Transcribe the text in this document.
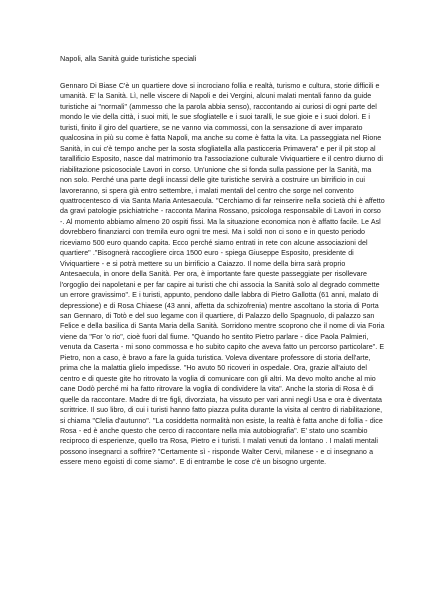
Napoli, alla Sanità guide turistiche speciali

Gennaro Di Biase C'è un quartiere dove si incrociano follia e realtà, turismo e cultura, storie difficili e umanità. E' la Sanità. Lì, nelle viscere di Napoli e dei Vergini, alcuni malati mentali fanno da guide turistiche ai "normali" (ammesso che la parola abbia senso), raccontando ai curiosi di ogni parte del mondo le vie della città, i suoi miti, le sue sfogliatelle e i suoi taralli, le sue gioie e i suoi dolori. E i turisti, finito il giro del quartiere, se ne vanno via commossi, con la sensazione di aver imparato qualcosina in più su come è fatta Napoli, ma anche su come è fatta la vita. La passeggiata nel Rione Sanità, in cui c'è tempo anche per la sosta sfogliatella alla pasticceria Primavera" e per il pit stop al tarallificio Esposito, nasce dal matrimonio tra l'associazione culturale Viviquartiere e il centro diurno di riabilitazione psicosociale Lavori in corso. Un'unione che si fonda sulla passione per la Sanità, ma non solo. Perché una parte degli incassi delle gite turistiche servirà a costruire un birrificio in cui lavoreranno, si spera già entro settembre, i malati mentali del centro che sorge nel convento quattrocentesco di via Santa Maria Antesaecula. "Cerchiamo di far reinserire nella società chi è affetto da gravi patologie psichiatriche - racconta Marina Rossano, psicologa responsabile di Lavori in corso -. Al momento abbiamo almeno 20 ospiti fissi. Ma la situazione economica non è affatto facile. Le Asl dovrebbero finanziarci con tremila euro ogni tre mesi. Ma i soldi non ci sono e in questo periodo riceviamo 500 euro quando capita. Ecco perché siamo entrati in rete con alcune associazioni del quartiere" ."Bisognerà raccogliere circa 1500 euro - spiega Giuseppe Esposito, presidente di Viviquartiere - e si potrà mettere su un birrificio a Caiazzo. Il nome della birra sarà proprio Antesaecula, in onore della Sanità. Per ora, è importante fare queste passeggiate per risollevare l'orgoglio dei napoletani e per far capire ai turisti che chi associa la Sanità solo al degrado commette un errore gravissimo". E i turisti, appunto, pendono dalle labbra di Pietro Gallotta (61 anni, malato di depressione) e di Rosa Chiaese (43 anni, affetta da schizofrenia) mentre ascoltano la storia di Porta san Gennaro, di Totò e del suo legame con il quartiere, di Palazzo dello Spagnuolo, di palazzo san Felice e della basilica di Santa Maria della Sanità. Sorridono mentre scoprono che il nome di via Foria viene da "For 'o rio", cioè fuori dal fiume. "Quando ho sentito Pietro parlare - dice Paola Palmieri, venuta da Caserta - mi sono commossa e ho subito capito che aveva fatto un percorso particolare". E Pietro, non a caso, è bravo a fare la guida turistica. Voleva diventare professore di storia dell'arte, prima che la malattia glielo impedisse. "Ho avuto 50 ricoveri in ospedale. Ora, grazie all'aiuto del centro e di queste gite ho ritrovato la voglia di comunicare con gli altri. Ma devo molto anche al mio cane Dodò perché mi ha fatto ritrovare la voglia di condividere la vita". Anche la storia di Rosa è di quelle da raccontare. Madre di tre figli, divorziata, ha vissuto per vari anni negli Usa e ora è diventata scrittrice. Il suo libro, di cui i turisti hanno fatto piazza pulita durante la visita al centro di riabilitazione, si chiama "Clelia d'autunno". "La cosiddetta normalità non esiste, la realtà è fatta anche di follia - dice Rosa - ed è anche questo che cerco di raccontare nella mia autobiografia". E' stato uno scambio reciproco di esperienze, quello tra Rosa, Pietro e i turisti. I malati venuti da lontano . I malati mentali possono insegnarci a soffrire? "Certamente sì - risponde Walter Cervi, milanese - e ci insegnano a essere meno egoisti di come siamo". E di entrambe le cose c'è un bisogno urgente.
